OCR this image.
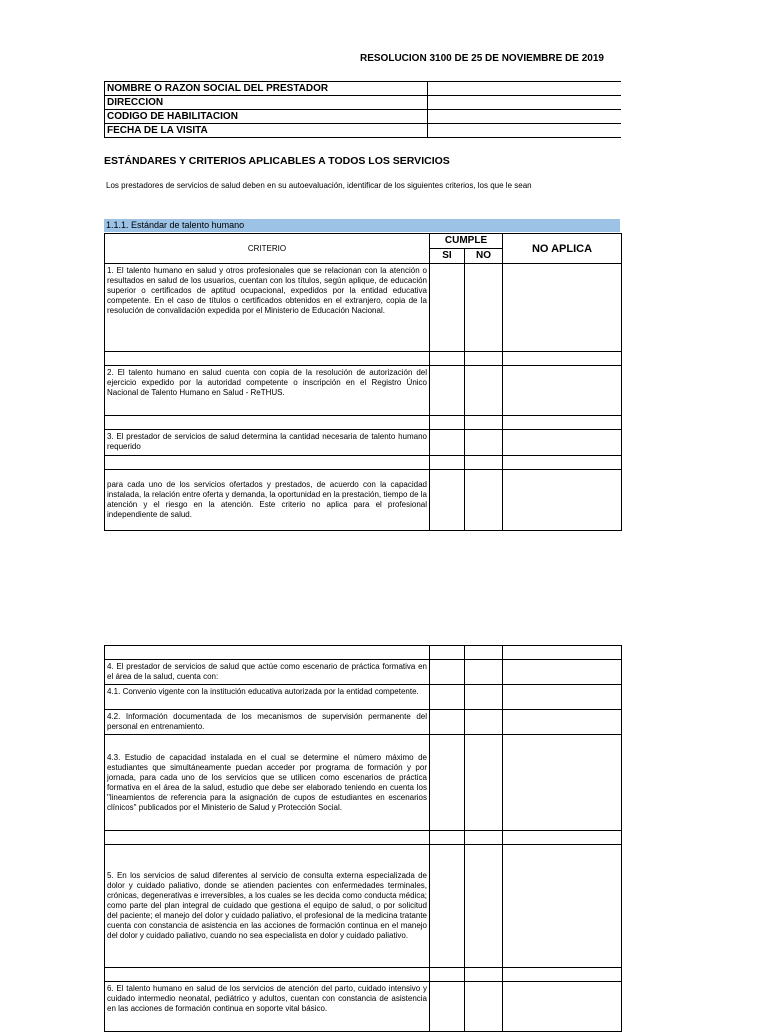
RESOLUCION 3100 DE 25 DE NOVIEMBRE DE 2019
NOMBRE O RAZON SOCIAL DEL PRESTADOR	
DIRECCION	
CODIGO DE HABILITACION	
FECHA DE LA VISITA	
ESTÁNDARES Y CRITERIOS APLICABLES A TODOS LOS SERVICIOS
Los prestadores de servicios de salud deben en su autoevaluación, identificar de los siguientes criterios, los que le sean
1.1.1. Estándar de talento humano
CRITERIO	CUMPLE		NO APLICA
	SI	NO	
1. El talento humano en salud y otros profesionales que se relacionan con la atención o resultados en salud de los usuarios, cuentan con los títulos, según aplique, de educación superior o certificados de aptitud ocupacional, expedidos por la entidad educativa competente. En el caso de títulos o certificados obtenidos en el extranjero, copia de la resolución de convalidación expedida por el Ministerio de Educación Nacional.			

2. El talento humano en salud cuenta con copia de la resolución de autorización del ejercicio expedido por la autoridad competente o inscripción en el Registro Único Nacional de Talento Humano en Salud - ReTHUS.			

3. El prestador de servicios de salud determina la cantidad necesaria de talento humano requerido			

para cada uno de los servicios ofertados y prestados, de acuerdo con la capacidad instalada, la relación entre oferta y demanda, la oportunidad en la prestación, tiempo de la atención y el riesgo en la atención. Este criterio no aplica para el profesional independiente de salud.			

4. El prestador de servicios de salud que actúe como escenario de práctica formativa en el área de la salud, cuenta con:			
4.1. Convenio vigente con la institución educativa autorizada por la entidad competente.			
4.2. Información documentada de los mecanismos de supervisión permanente del personal en entrenamiento.			
4.3. Estudio de capacidad instalada en el cual se determine el número máximo de estudiantes que simultáneamente puedan acceder por programa de formación y por jornada, para cada uno de los servicios que se utilicen como escenarios de práctica formativa en el área de la salud, estudio que debe ser elaborado teniendo en cuenta los "lineamientos de referencia para la asignación de cupos de estudiantes en escenarios clínicos" publicados por el Ministerio de Salud y Protección Social.			

5. En los servicios de salud diferentes al servicio de consulta externa especializada de dolor y cuidado paliativo, donde se atienden pacientes con enfermedades terminales, crónicas, degenerativas e irreversibles, a los cuales se les decida como conducta médica; como parte del plan integral de cuidado que gestiona el equipo de salud, o por solicitud del paciente; el manejo del dolor y cuidado paliativo, el profesional de la medicina tratante cuenta con constancia de asistencia en las acciones de formación continua en el manejo del dolor y cuidado paliativo, cuando no sea especialista en dolor y cuidado paliativo.			

6. El talento humano en salud de los servicios de atención del parto, cuidado intensivo y cuidado intermedio neonatal, pediátrico y adultos, cuentan con constancia de asistencia en las acciones de formación continua en soporte vital básico.			
